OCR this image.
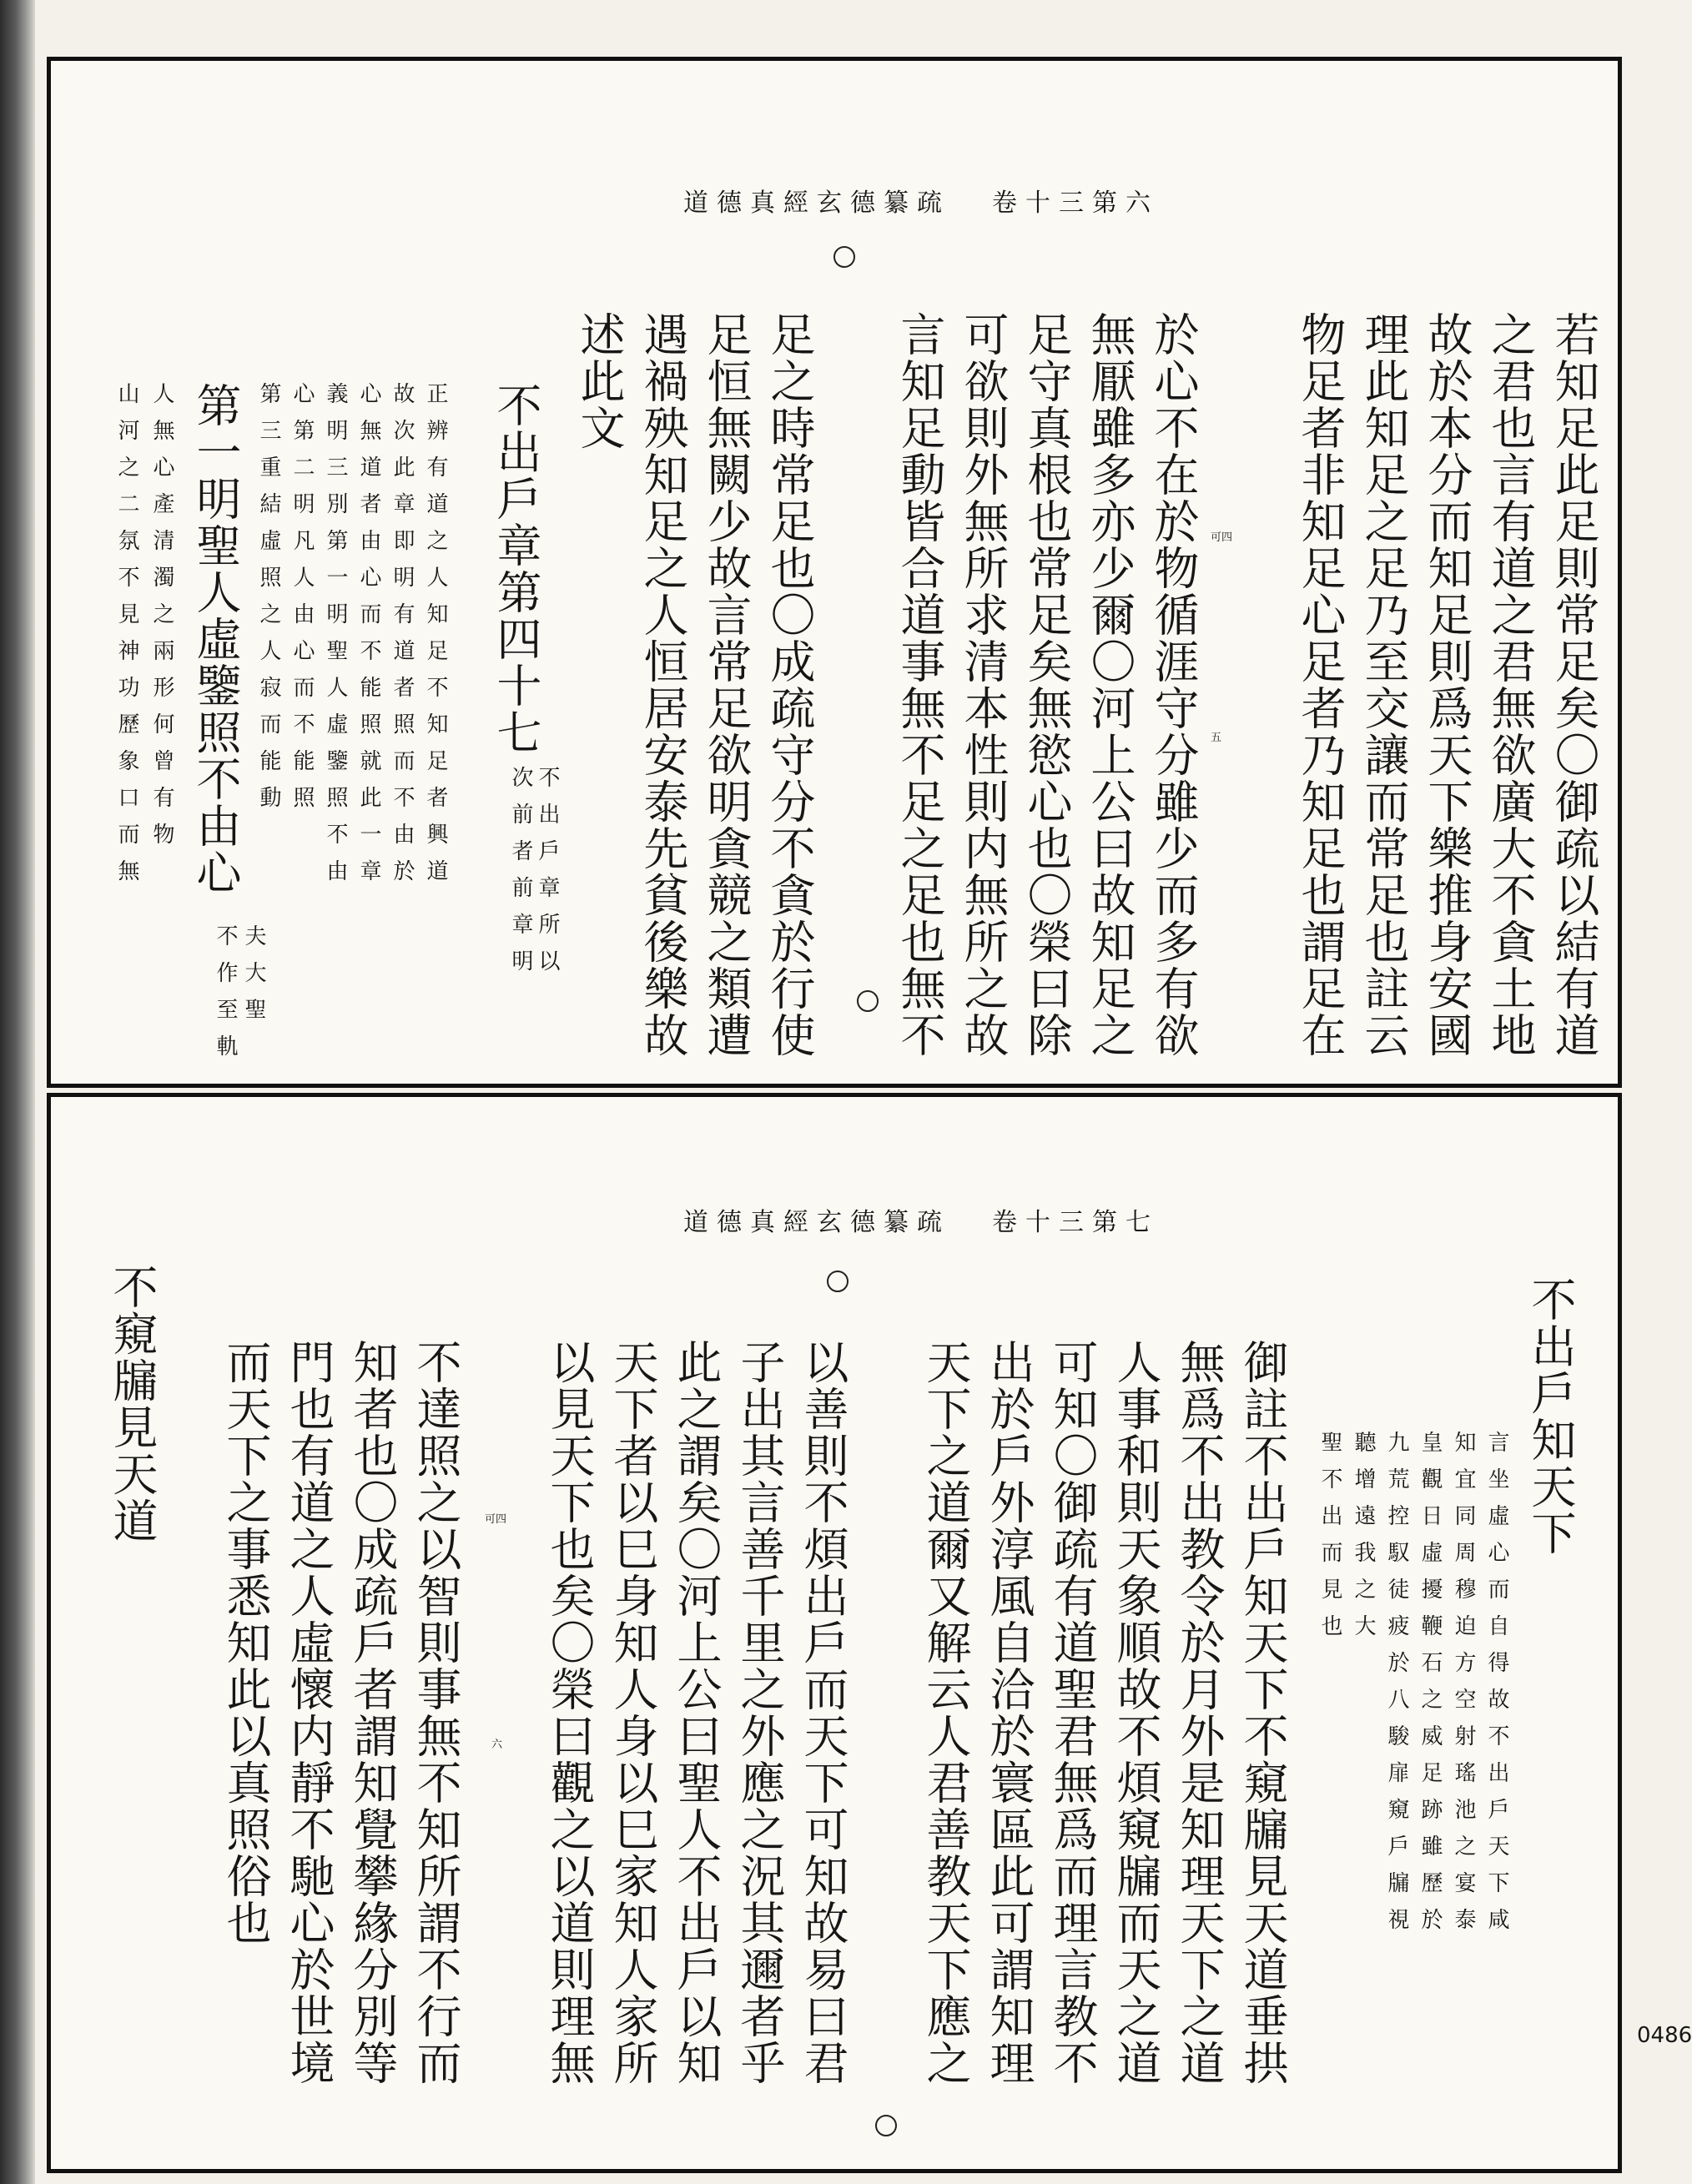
0486
道德真經玄德纂疏 卷十三第六
若知足此足則常足矣〇御疏以結有道
之君也言有道之君無欲廣大不貪土地
故於本分而知足則爲天下樂推身安國
理此知足之足乃至交讓而常足也註云
物足者非知足心足者乃知足也謂足在
於心不在於物循涯守分雖少而多有欲
無厭雖多亦少爾〇河上公曰故知足之
足守真根也常足矣無慾心也〇榮曰除
可欲則外無所求清本性則内無所之故
言知足動皆合道事無不足之足也無不
足之時常足也〇成疏守分不貪於行使
足恒無闕少故言常足欲明貪競之類遭
遇禍殃知足之人恒居安泰先貧後樂故
述此文
可四
五
不出戶章第四十七
不出戶章所以
次前者前章明
正辨有道之人知足不知足者興道
故次此章即明有道者照而不由於
心無道者由心而不能照就此一章
義明三別第一明聖人虛鑒照不由
心第二明凡人由心而不能照
第三重結虛照之人寂而能動
第一明聖人虛鑒照不由心
人無心產清濁之兩形何曾有物
山河之二氛不見神功歷象口而無
夫大聖
不作至軌
道德真經玄德纂疏 卷十三第七
不出戶知天下
言坐虛心而自得故不出戶天下咸
知宜同周穆迫方空射瑤池之宴泰
皇觀日虛擾鞭石之威足跡雖歷於
九荒控馭徒疲於八駿扉窺戶牖視
聽增遠我之大
聖不出而見也
御註不出戶知天下不窺牖見天道垂拱
無爲不出教令於月外是知理天下之道
人事和則天象順故不煩窺牖而天之道
可知〇御疏有道聖君無爲而理言教不
出於戶外淳風自洽於寰區此可謂知理
天下之道爾又解云人君善教天下應之
以善則不煩出戶而天下可知故易曰君
子出其言善千里之外應之況其邇者乎
此之謂矣〇河上公曰聖人不出戶以知
天下者以巳身知人身以巳家知人家所
以見天下也矣〇榮曰觀之以道則理無
不達照之以智則事無不知所謂不行而
知者也〇成疏戶者謂知覺攀緣分別等
門也有道之人虛懷内靜不馳心於世境
而天下之事悉知此以真照俗也
不窺牖見天道	可四
六
